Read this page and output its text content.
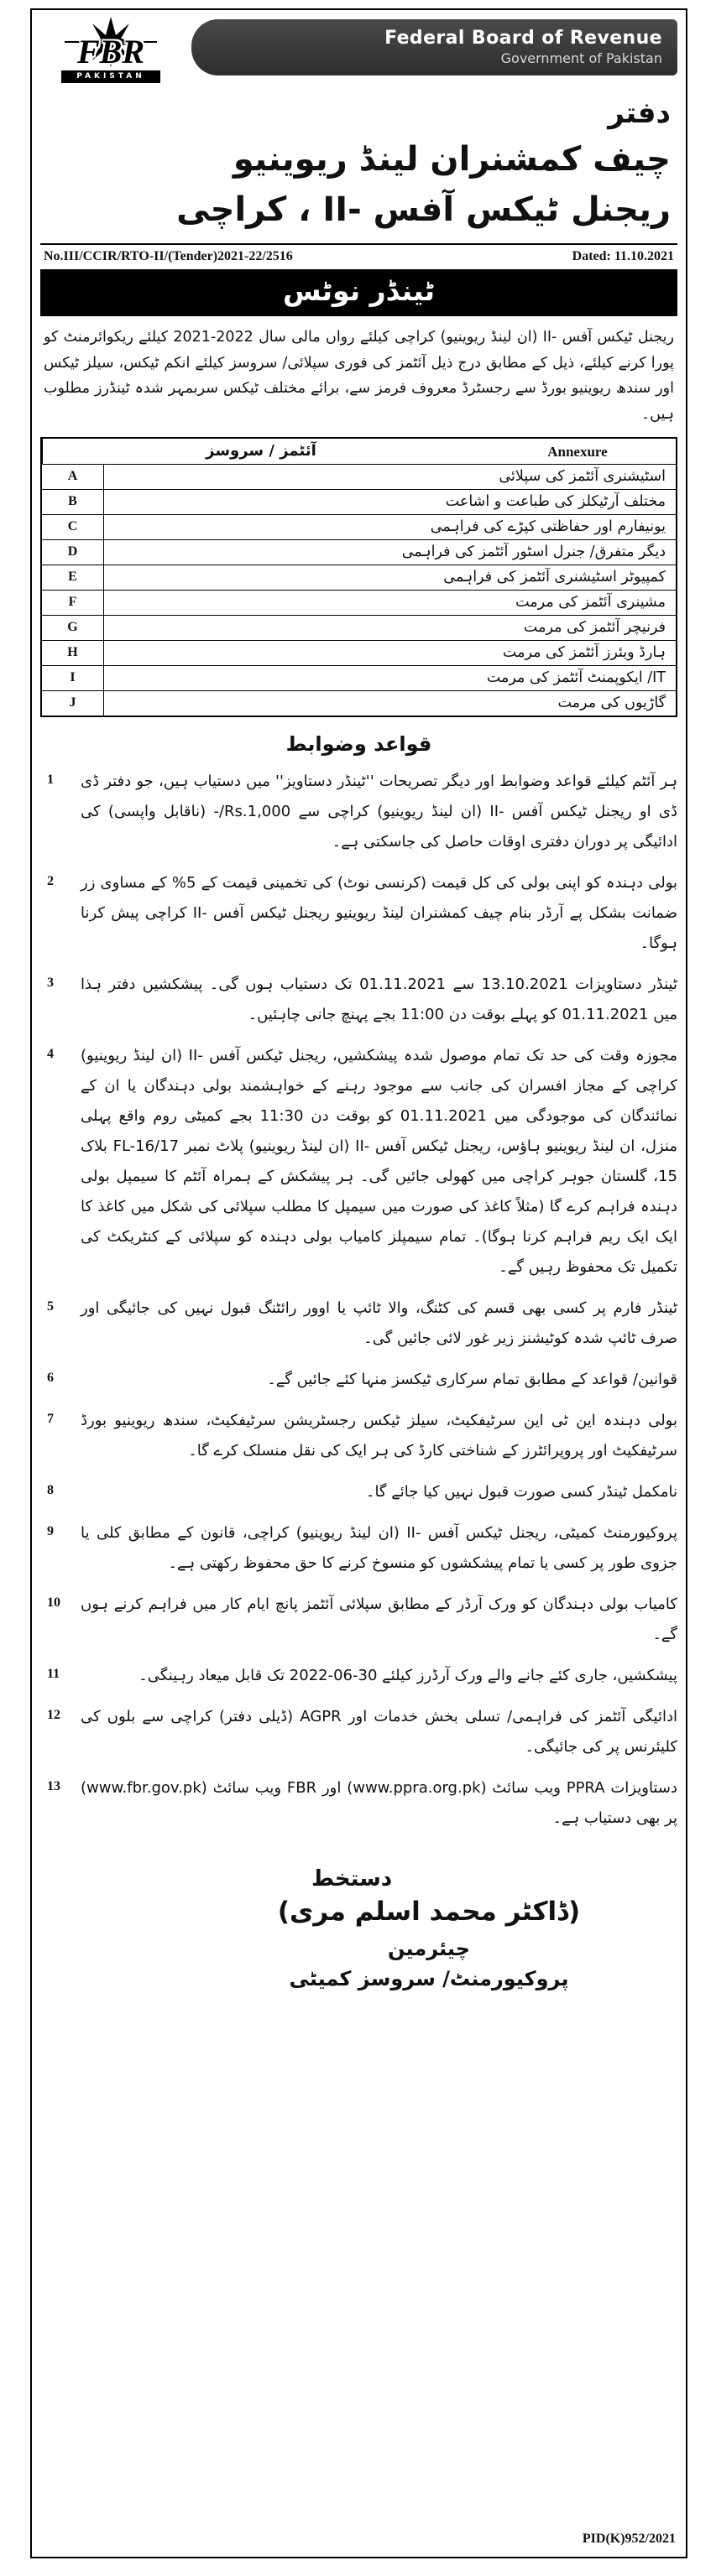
FBR
PAKISTAN
Federal Board of Revenue
Government of Pakistan
دفتر
چیف کمشنران لینڈ ریوینیو
ریجنل ٹیکس آفس -II ، کراچی
No.III/CCIR/RTO-II/(Tender)2021-22/2516	Dated: 11.10.2021
ٹینڈر نوٹس
ریجنل ٹیکس آفس -II (ان لینڈ ریوینیو) کراچی کیلئے رواں مالی سال 2022-2021 کیلئے ریکوائرمنٹ کو پورا کرنے کیلئے، ذیل کے مطابق درج ذیل آئٹمز کی فوری سپلائی/ سروسز کیلئے انکم ٹیکس، سیلز ٹیکس اور سندھ ریوینیو بورڈ سے رجسٹرڈ معروف فرمز سے، برائے مختلف ٹیکس سربمہر شدہ ٹینڈرز مطلوب ہیں۔
آئٹمز / سروسز	Annexure
A	اسٹیشنری آئٹمز کی سپلائی
B	مختلف آرٹیکلز کی طباعت و اشاعت
C	یونیفارم اور حفاظتی کپڑے کی فراہمی
D	دیگر متفرق/ جنرل اسٹور آئٹمز کی فراہمی
E	کمپیوٹر اسٹیشنری آئٹمز کی فراہمی
F	مشینری آئٹمز کی مرمت
G	فرنیچر آئٹمز کی مرمت
H	ہارڈ ویئرز آئٹمز کی مرمت
I	IT/ ایکوپمنٹ آئٹمز کی مرمت
J	گاڑیوں کی مرمت
قواعد وضوابط
1	ہر آئٹم کیلئے قواعد وضوابط اور دیگر تصریحات ''ٹینڈر دستاویز'' میں دستیاب ہیں، جو دفتر ڈی ڈی او ریجنل ٹیکس آفس -II (ان لینڈ ریوینیو) کراچی سے Rs.1,000/- (ناقابل واپسی) کی ادائیگی پر دوران دفتری اوقات حاصل کی جاسکتی ہے۔
2	بولی دہندہ کو اپنی بولی کی کل قیمت (کرنسی نوٹ) کی تخمینی قیمت کے 5% کے مساوی زر ضمانت بشکل پے آرڈر بنام چیف کمشنران لینڈ ریوینیو ریجنل ٹیکس آفس -II کراچی پیش کرنا ہوگا۔
3	ٹینڈر دستاویزات 13.10.2021 سے 01.11.2021 تک دستیاب ہوں گی۔ پیشکشیں دفتر ہذا میں 01.11.2021 کو پہلے بوقت دن 11:00 بجے پہنچ جانی چاہئیں۔
4	مجوزہ وقت کی حد تک تمام موصول شدہ پیشکشیں، ریجنل ٹیکس آفس -II (ان لینڈ ریوینیو) کراچی کے مجاز افسران کی جانب سے موجود رہنے کے خواہشمند بولی دہندگان یا ان کے نمائندگان کی موجودگی میں 01.11.2021 کو بوقت دن 11:30 بجے کمیٹی روم واقع پہلی منزل، ان لینڈ ریوینیو ہاؤس، ریجنل ٹیکس آفس -II (ان لینڈ ریوینیو) پلاٹ نمبر FL-16/17 بلاک 15، گلستان جوہر کراچی میں کھولی جائیں گی۔ ہر پیشکش کے ہمراہ آئٹم کا سیمپل بولی دہندہ فراہم کرے گا (مثلاً کاغذ کی صورت میں سیمپل کا مطلب سپلائی کی شکل میں کاغذ کا ایک ایک ریم فراہم کرنا ہوگا)۔ تمام سیمپلز کامیاب بولی دہندہ کو سپلائی کے کنٹریکٹ کی تکمیل تک محفوظ رہیں گے۔
5	ٹینڈر فارم پر کسی بھی قسم کی کٹنگ، والا ٹائپ یا اوور رائٹنگ قبول نہیں کی جائیگی اور صرف ٹائپ شدہ کوٹیشنز زیر غور لائی جائیں گی۔
6	قوانین/ قواعد کے مطابق تمام سرکاری ٹیکسز منہا کئے جائیں گے۔
7	بولی دہندہ این ٹی این سرٹیفکیٹ، سیلز ٹیکس رجسٹریشن سرٹیفکیٹ، سندھ ریوینیو بورڈ سرٹیفکیٹ اور پروپرائٹرز کے شناختی کارڈ کی ہر ایک کی نقل منسلک کرے گا۔
8	نامکمل ٹینڈر کسی صورت قبول نہیں کیا جائے گا۔
9	پروکیورمنٹ کمیٹی، ریجنل ٹیکس آفس -II (ان لینڈ ریوینیو) کراچی، قانون کے مطابق کلی یا جزوی طور پر کسی یا تمام پیشکشوں کو منسوخ کرنے کا حق محفوظ رکھتی ہے۔
10	کامیاب بولی دہندگان کو ورک آرڈر کے مطابق سپلائی آئٹمز پانچ ایام کار میں فراہم کرنے ہوں گے۔
11	پیشکشیں، جاری کئے جانے والے ورک آرڈرز کیلئے 30-06-2022 تک قابل میعاد رہینگی۔
12	ادائیگی آئٹمز کی فراہمی/ تسلی بخش خدمات اور AGPR (ڈیلی دفتر) کراچی سے بلوں کی کلیئرنس پر کی جائیگی۔
13	دستاویزات PPRA ویب سائٹ (www.ppra.org.pk) اور FBR ویب سائٹ (www.fbr.gov.pk) پر بھی دستیاب ہے۔
دستخط
(ڈاکٹر محمد اسلم مری)
چیئرمین
پروکیورمنٹ/ سروسز کمیٹی
PID(K)952/2021
